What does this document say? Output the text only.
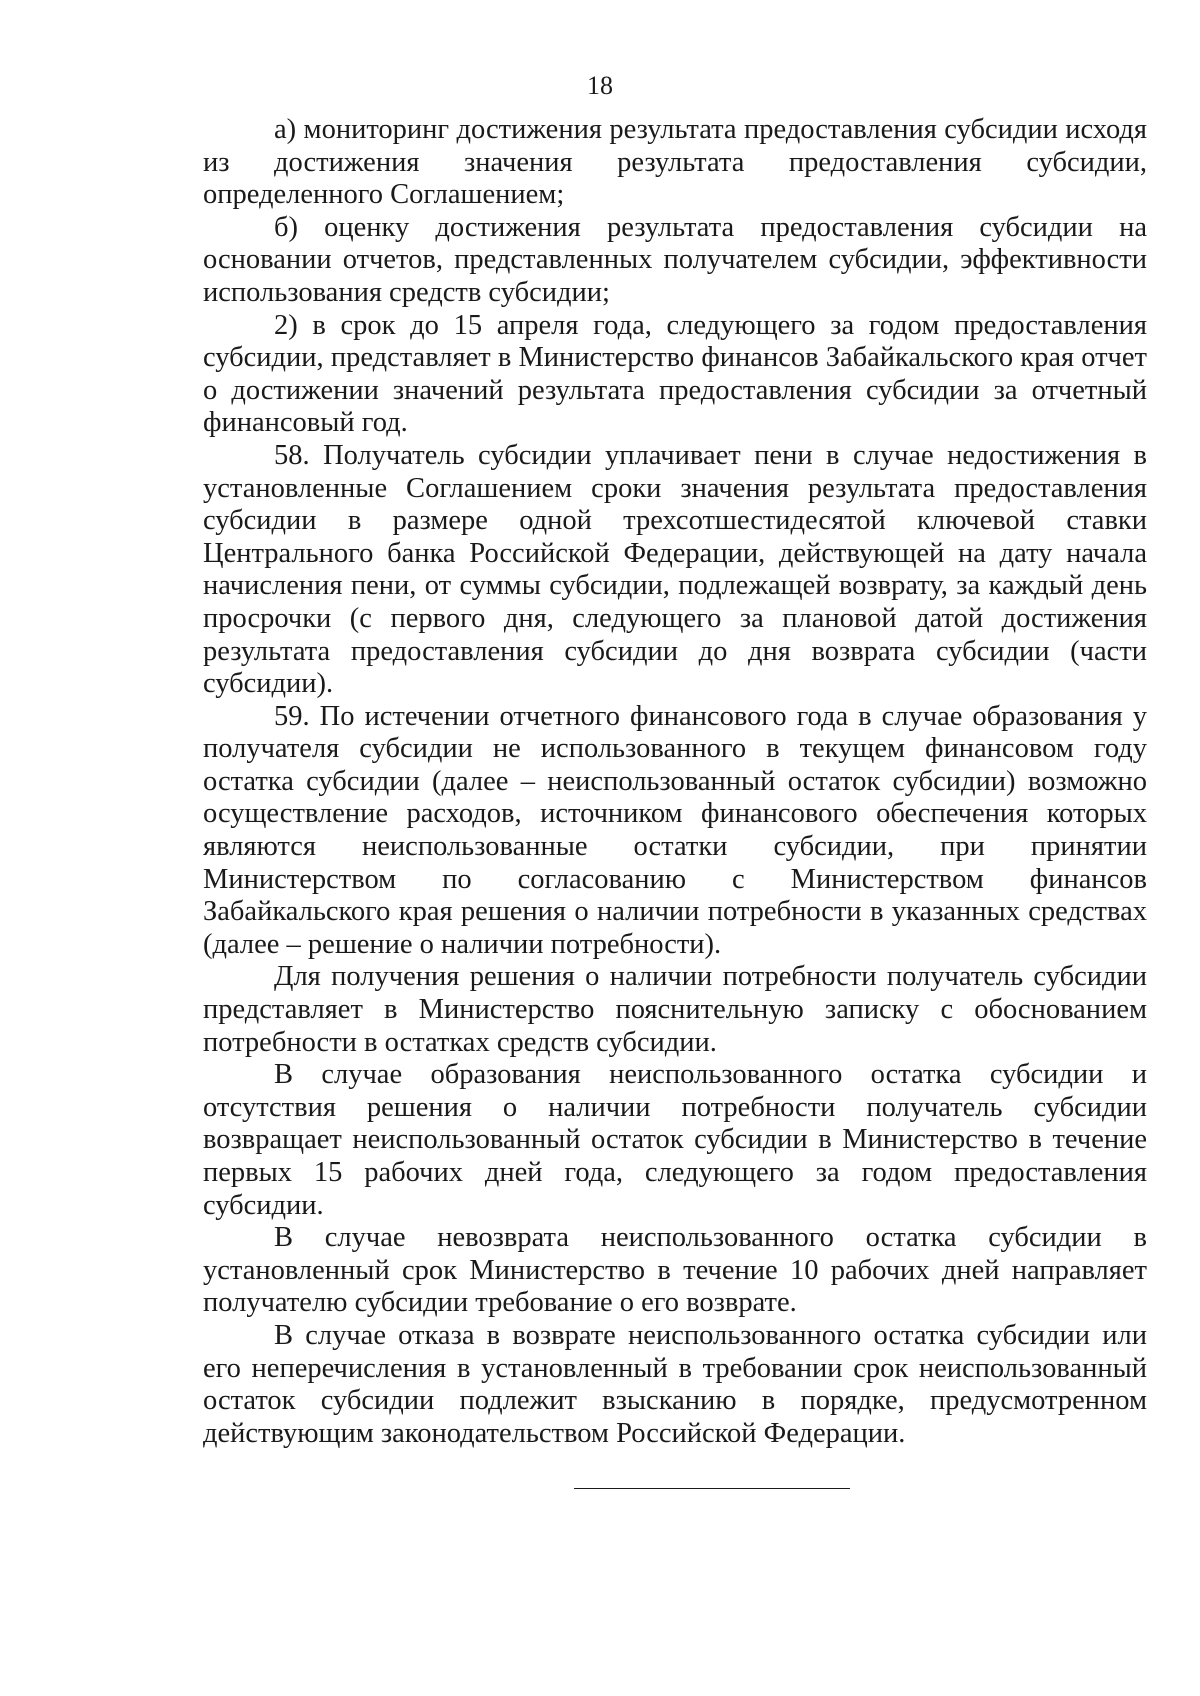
18

а) мониторинг достижения результата предоставления субсидии исходя из достижения значения результата предоставления субсидии, определенного Соглашением;

б) оценку достижения результата предоставления субсидии на основании отчетов, представленных получателем субсидии, эффективности использования средств субсидии;

2) в срок до 15 апреля года, следующего за годом предоставления субсидии, представляет в Министерство финансов Забайкальского края отчет о достижении значений результата предоставления субсидии за отчетный финансовый год.

58. Получатель субсидии уплачивает пени в случае недостижения в установленные Соглашением сроки значения результата предоставления субсидии в размере одной трехсотшестидесятой ключевой ставки Центрального банка Российской Федерации, действующей на дату начала начисления пени, от суммы субсидии, подлежащей возврату, за каждый день просрочки (с первого дня, следующего за плановой датой достижения результата предоставления субсидии до дня возврата субсидии (части субсидии).

59. По истечении отчетного финансового года в случае образования у получателя субсидии не использованного в текущем финансовом году остатка субсидии (далее – неиспользованный остаток субсидии) возможно осуществление расходов, источником финансового обеспечения которых являются неиспользованные остатки субсидии, при принятии Министерством по согласованию с Министерством финансов Забайкальского края решения о наличии потребности в указанных средствах (далее – решение о наличии потребности).

Для получения решения о наличии потребности получатель субсидии представляет в Министерство пояснительную записку с обоснованием потребности в остатках средств субсидии.

В случае образования неиспользованного остатка субсидии и отсутствия решения о наличии потребности получатель субсидии возвращает неиспользованный остаток субсидии в Министерство в течение первых 15 рабочих дней года, следующего за годом предоставления субсидии.

В случае невозврата неиспользованного остатка субсидии в установленный срок Министерство в течение 10 рабочих дней направляет получателю субсидии требование о его возврате.

В случае отказа в возврате неиспользованного остатка субсидии или его неперечисления в установленный в требовании срок неиспользованный остаток субсидии подлежит взысканию в порядке, предусмотренном действующим законодательством Российской Федерации.
